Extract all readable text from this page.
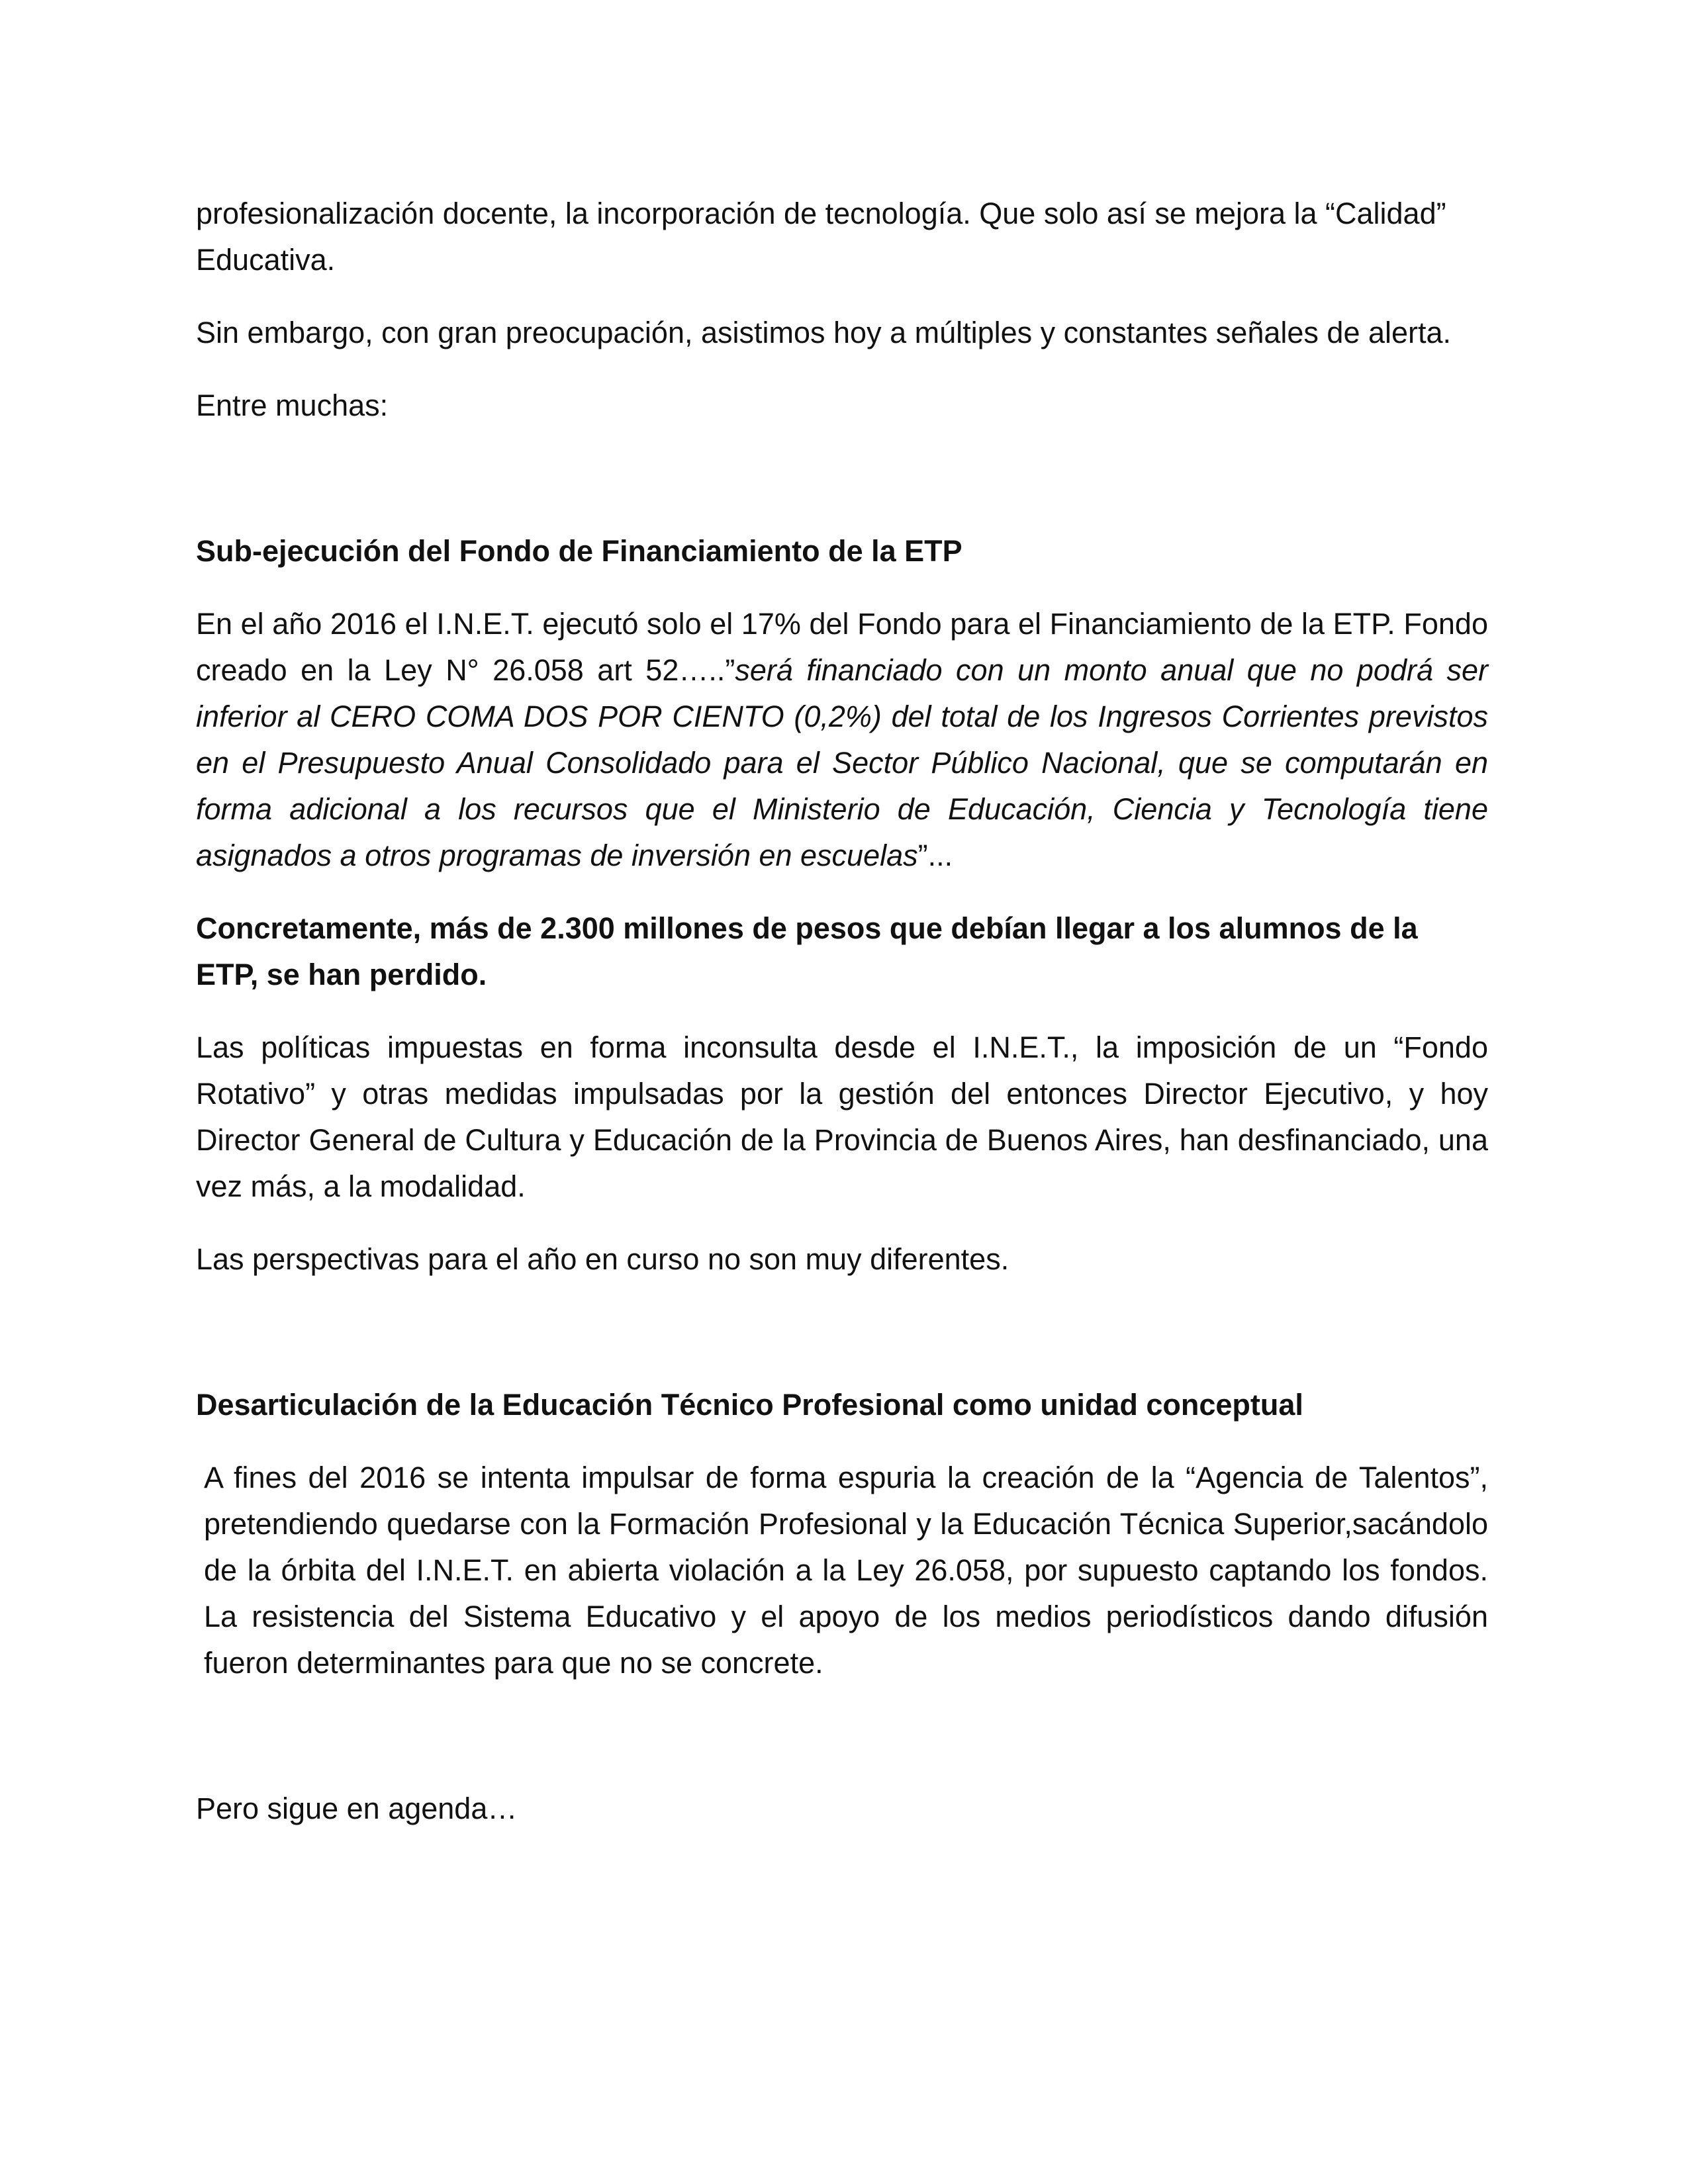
profesionalización docente, la incorporación de tecnología. Que solo así se mejora la “Calidad”
Educativa.

Sin embargo, con gran preocupación, asistimos hoy a múltiples y constantes señales de alerta.

Entre muchas:

Sub-ejecución del Fondo de Financiamiento de la ETP

En el año 2016 el I.N.E.T. ejecutó solo el 17% del Fondo para el Financiamiento de la ETP. Fondo creado en la Ley N° 26.058 art 52…..”será financiado con un monto anual que no podrá ser inferior al CERO COMA DOS POR CIENTO (0,2%) del total de los Ingresos Corrientes previstos en el Presupuesto Anual Consolidado para el Sector Público Nacional, que se computarán en forma adicional a los recursos que el Ministerio de Educación, Ciencia y Tecnología tiene asignados a otros programas de inversión en escuelas”...

Concretamente, más de 2.300 millones de pesos que debían llegar a los alumnos de la ETP, se han perdido.

Las políticas impuestas en forma inconsulta desde el I.N.E.T., la imposición de un “Fondo Rotativo” y otras medidas impulsadas por la gestión del entonces Director Ejecutivo, y hoy Director General de Cultura y Educación de la Provincia de Buenos Aires, han desfinanciado, una vez más, a la modalidad.

Las perspectivas para el año en curso no son muy diferentes.

Desarticulación de la Educación Técnico Profesional como unidad conceptual

A fines del 2016 se intenta impulsar de forma espuria la creación de la “Agencia de Talentos”, pretendiendo quedarse con la Formación Profesional y la Educación Técnica Superior,sacándolo de la órbita del I.N.E.T. en abierta violación a la Ley 26.058, por supuesto captando los fondos. La resistencia del Sistema Educativo y el apoyo de los medios periodísticos dando difusión fueron determinantes para que no se concrete.

Pero sigue en agenda…
